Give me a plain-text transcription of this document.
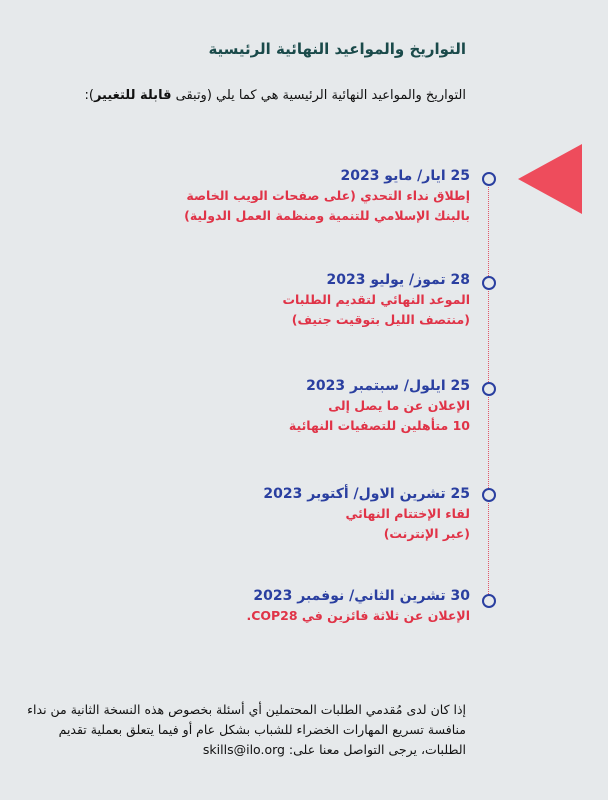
التواريخ والمواعيد النهائية الرئيسية
التواريخ والمواعيد النهائية الرئيسية هي كما يلي (وتبقى قابلة للتغيير):
25 ايار/ مايو 2023
إطلاق نداء التحدي (على صفحات الويب الخاصة
بالبنك الإسلامي للتنمية ومنظمة العمل الدولية)
28 تموز/ يوليو 2023
الموعد النهائي لتقديم الطلبات
(منتصف الليل بتوقيت جنيف)
25 ايلول/ سبتمبر 2023
الإعلان عن ما يصل إلى
10 متأهلين للتصفيات النهائية
25 تشرين الاول/ أكتوبر 2023
لقاء الإختتام النهائي
(عبر الإنترنت)
30 تشرين الثاني/ نوفمبر 2023
الإعلان عن ثلاثة فائزين في COP28.
إذا كان لدى مُقدمي الطلبات المحتملين أي أسئلة بخصوص هذه النسخة الثانية من نداء
منافسة تسريع المهارات الخضراء للشباب بشكل عام أو فيما يتعلق بعملية تقديم
الطلبات، يرجى التواصل معنا على: skills@ilo.org
